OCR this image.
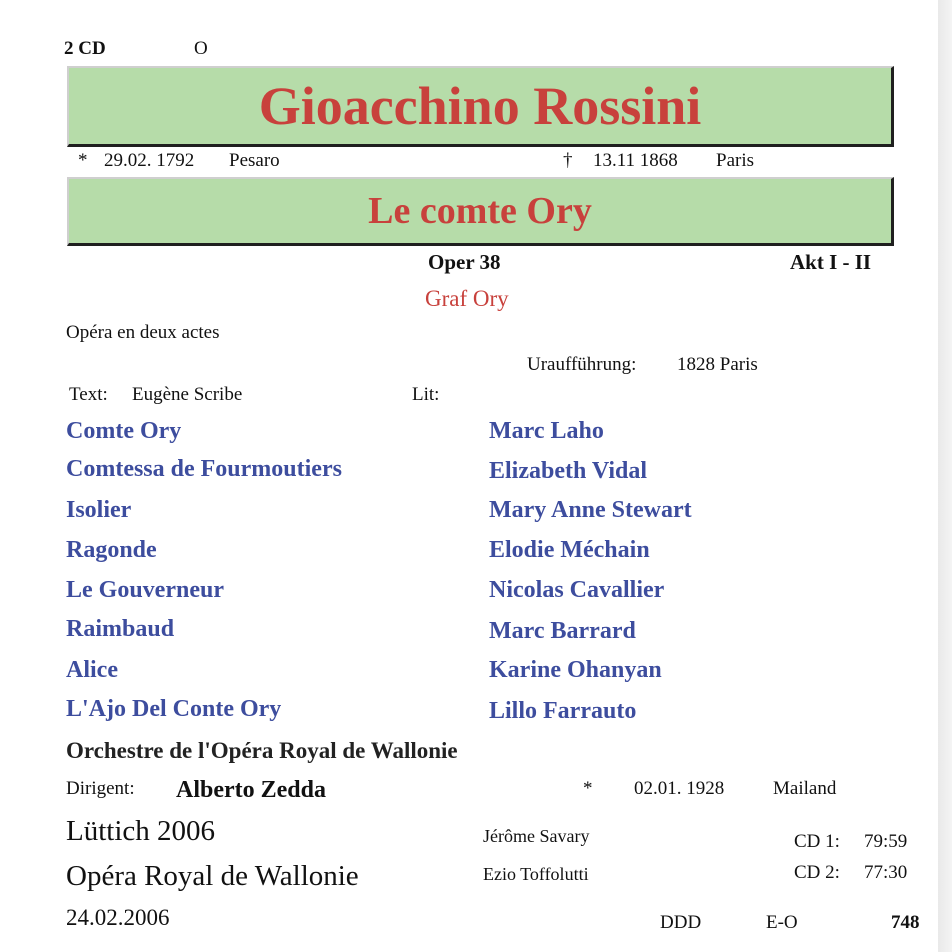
2 CD	O
Gioacchino Rossini
* 29.02. 1792 Pesaro	† 13.11 1868 Paris
Le comte Ory
Oper 38	Akt I - II
Graf Ory
Opéra en deux actes
Uraufführung: 1828 Paris
Text: Eugène Scribe	Lit:
Comte Ory	Marc Laho
Comtessa de Fourmoutiers	Elizabeth Vidal
Isolier	Mary Anne Stewart
Ragonde	Elodie Méchain
Le Gouverneur	Nicolas Cavallier
Raimbaud	Marc Barrard
Alice	Karine Ohanyan
L'Ajo Del Conte Ory	Lillo Farrauto
Orchestre de l'Opéra Royal de Wallonie
Dirigent: Alberto Zedda	* 02.01. 1928	Mailand
Lüttich 2006
Opéra Royal de Wallonie
24.02.2006
Jérôme Savary
Ezio Toffolutti
CD 1: 79:59
CD 2: 77:30
DDD	E-O	748
